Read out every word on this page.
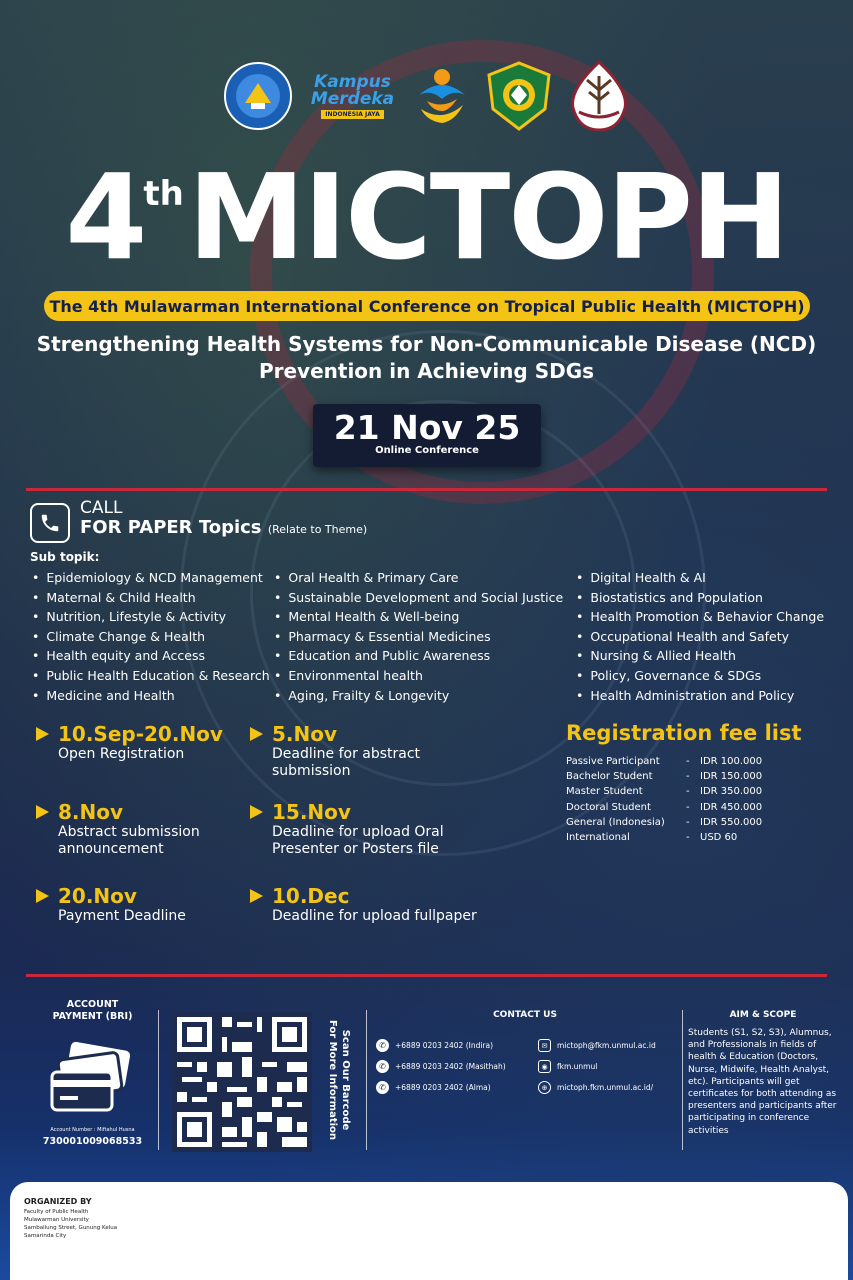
Kampus
Merdeka
INDONESIA JAYA
4thMICTOPH
The 4th Mulawarman International Conference on Tropical Public Health (MICTOPH)
Strengthening Health Systems for Non-Communicable Disease (NCD)
Prevention in Achieving SDGs
21 Nov 25
Online Conference
CALL
FOR PAPER Topics (Relate to Theme)
Sub topik:
• Epidemiology & NCD Management
• Maternal & Child Health
• Nutrition, Lifestyle & Activity
• Climate Change & Health
• Health equity and Access
• Public Health Education & Research
• Medicine and Health
• Oral Health & Primary Care
• Sustainable Development and Social Justice
• Mental Health & Well-being
• Pharmacy & Essential Medicines
• Education and Public Awareness
• Environmental health
• Aging, Frailty & Longevity
• Digital Health & AI
• Biostatistics and Population
• Health Promotion & Behavior Change
• Occupational Health and Safety
• Nursing & Allied Health
• Policy, Governance & SDGs
• Health Administration and Policy
10.Sep-20.Nov
Open Registration
5.Nov
Deadline for abstract submission
8.Nov
Abstract submission announcement
15.Nov
Deadline for upload Oral Presenter or Posters file
20.Nov
Payment Deadline
10.Dec
Deadline for upload fullpaper
Registration fee list
Passive Participant	-	IDR 100.000
Bachelor Student	-	IDR 150.000
Master Student	-	IDR 350.000
Doctoral Student	-	IDR 450.000
General (Indonesia)	-	IDR 550.000
International	-	USD 60
ACCOUNT
PAYMENT (BRI)
Account Number : Miftahul Husna
730001009068533
Scan Our Barcode
For More Information
CONTACT US
✆	+6889 0203 2402 (Indira)
✆	+6889 0203 2402 (Masithah)
✆	+6889 0203 2402 (Alma)
✉	mictoph@fkm.unmul.ac.id
◉	fkm.unmul
⊕	mictoph.fkm.unmul.ac.id/
AIM & SCOPE
Students (S1, S2, S3), Alumnus, and Professionals in fields of health & Education (Doctors, Nurse, Midwife, Health Analyst, etc). Participants will get certificates for both attending as presenters and participants after participating in conference activities
ORGANIZED BY
Faculty of Public Health
Mulawarman University
Sambaliung Street, Gunung Kelua
Samarinda City
